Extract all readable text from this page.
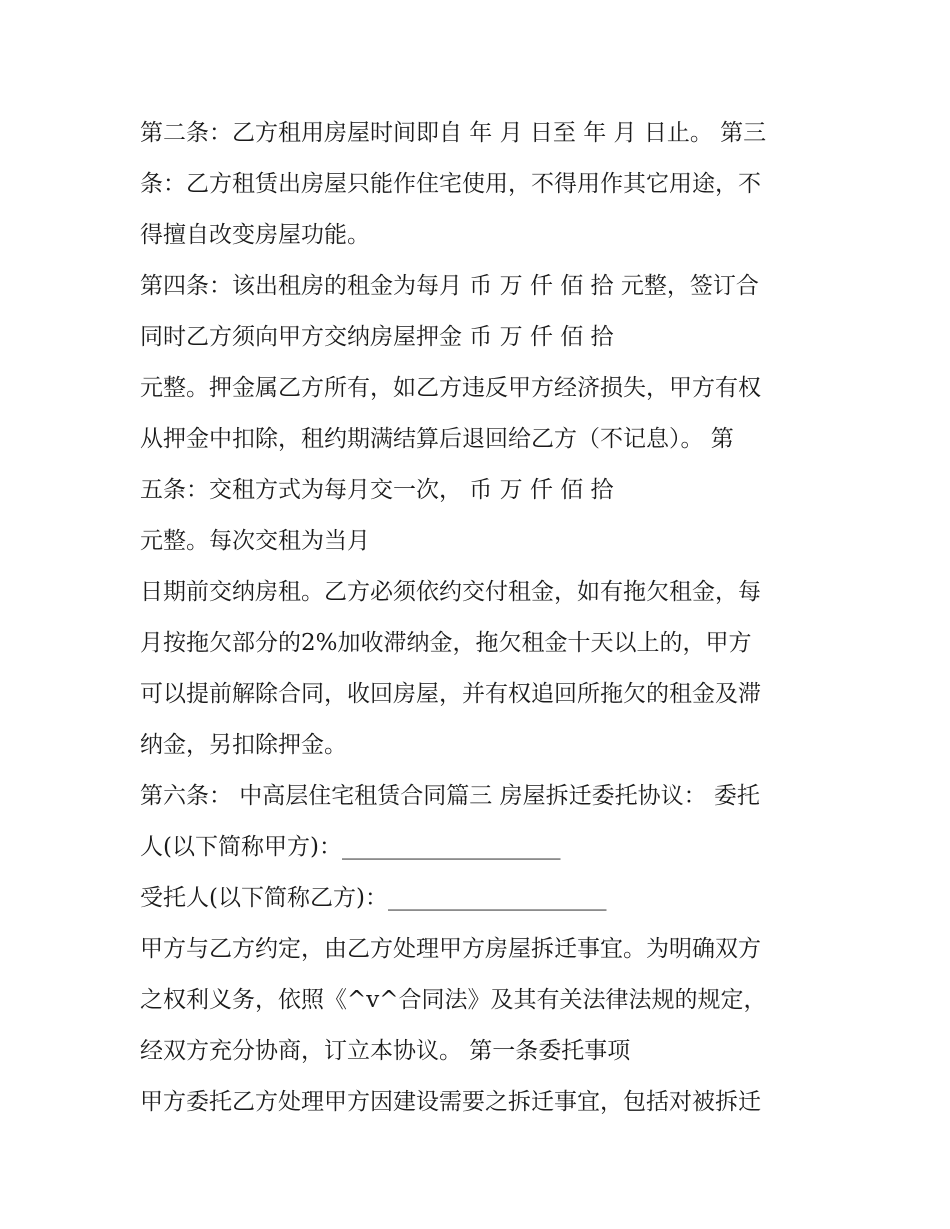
第二条：乙方租用房屋时间即自 年 月 日至 年 月 日止。 第三
条：乙方租赁出房屋只能作住宅使用，不得用作其它用途，不
得擅自改变房屋功能。
第四条：该出租房的租金为每月 币 万 仟 佰 拾 元整，签订合
同时乙方须向甲方交纳房屋押金 币 万 仟 佰 拾
元整。押金属乙方所有，如乙方违反甲方经济损失，甲方有权
从押金中扣除，租约期满结算后退回给乙方（不记息）。 第
五条：交租方式为每月交一次， 币 万 仟 佰 拾
元整。每次交租为当月
日期前交纳房租。乙方必须依约交付租金，如有拖欠租金，每
月按拖欠部分的2%加收滞纳金，拖欠租金十天以上的，甲方
可以提前解除合同，收回房屋，并有权追回所拖欠的租金及滞
纳金，另扣除押金。
第六条： 中高层住宅租赁合同篇三 房屋拆迁委托协议： 委托
人(以下简称甲方)：___________________
受托人(以下简称乙方)：___________________
甲方与乙方约定，由乙方处理甲方房屋拆迁事宜。为明确双方
之权利义务，依照《^v^合同法》及其有关法律法规的规定，
经双方充分协商，订立本协议。 第一条委托事项
甲方委托乙方处理甲方因建设需要之拆迁事宜，包括对被拆迁
